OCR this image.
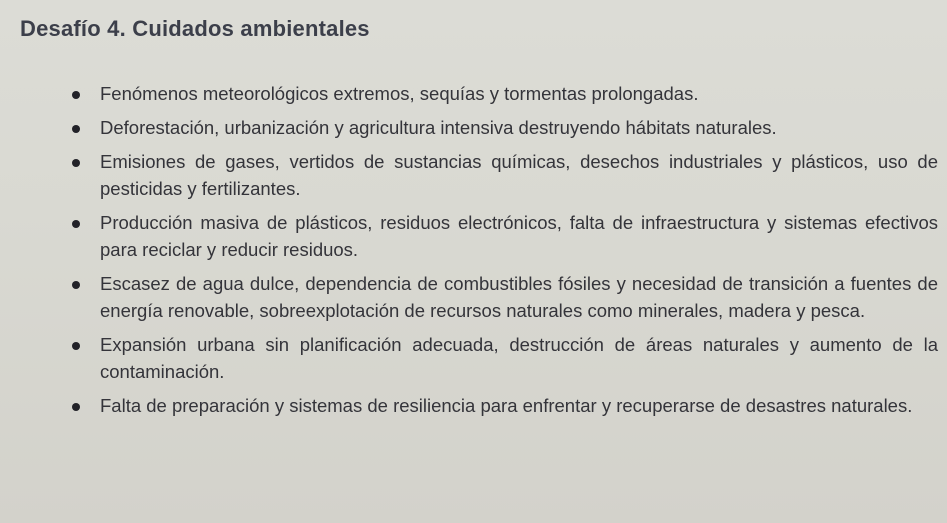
Desafío 4. Cuidados ambientales
Fenómenos meteorológicos extremos, sequías y tormentas prolongadas.
Deforestación, urbanización y agricultura intensiva destruyendo hábitats naturales.
Emisiones de gases, vertidos de sustancias químicas, desechos industriales y plásticos, uso de pesticidas y fertilizantes.
Producción masiva de plásticos, residuos electrónicos, falta de infraestructura y sistemas efectivos para reciclar y reducir residuos.
Escasez de agua dulce, dependencia de combustibles fósiles y necesidad de transición a fuentes de energía renovable, sobreexplotación de recursos naturales como minerales, madera y pesca.
Expansión urbana sin planificación adecuada, destrucción de áreas naturales y aumento de la contaminación.
Falta de preparación y sistemas de resiliencia para enfrentar y recuperarse de desastres naturales.
